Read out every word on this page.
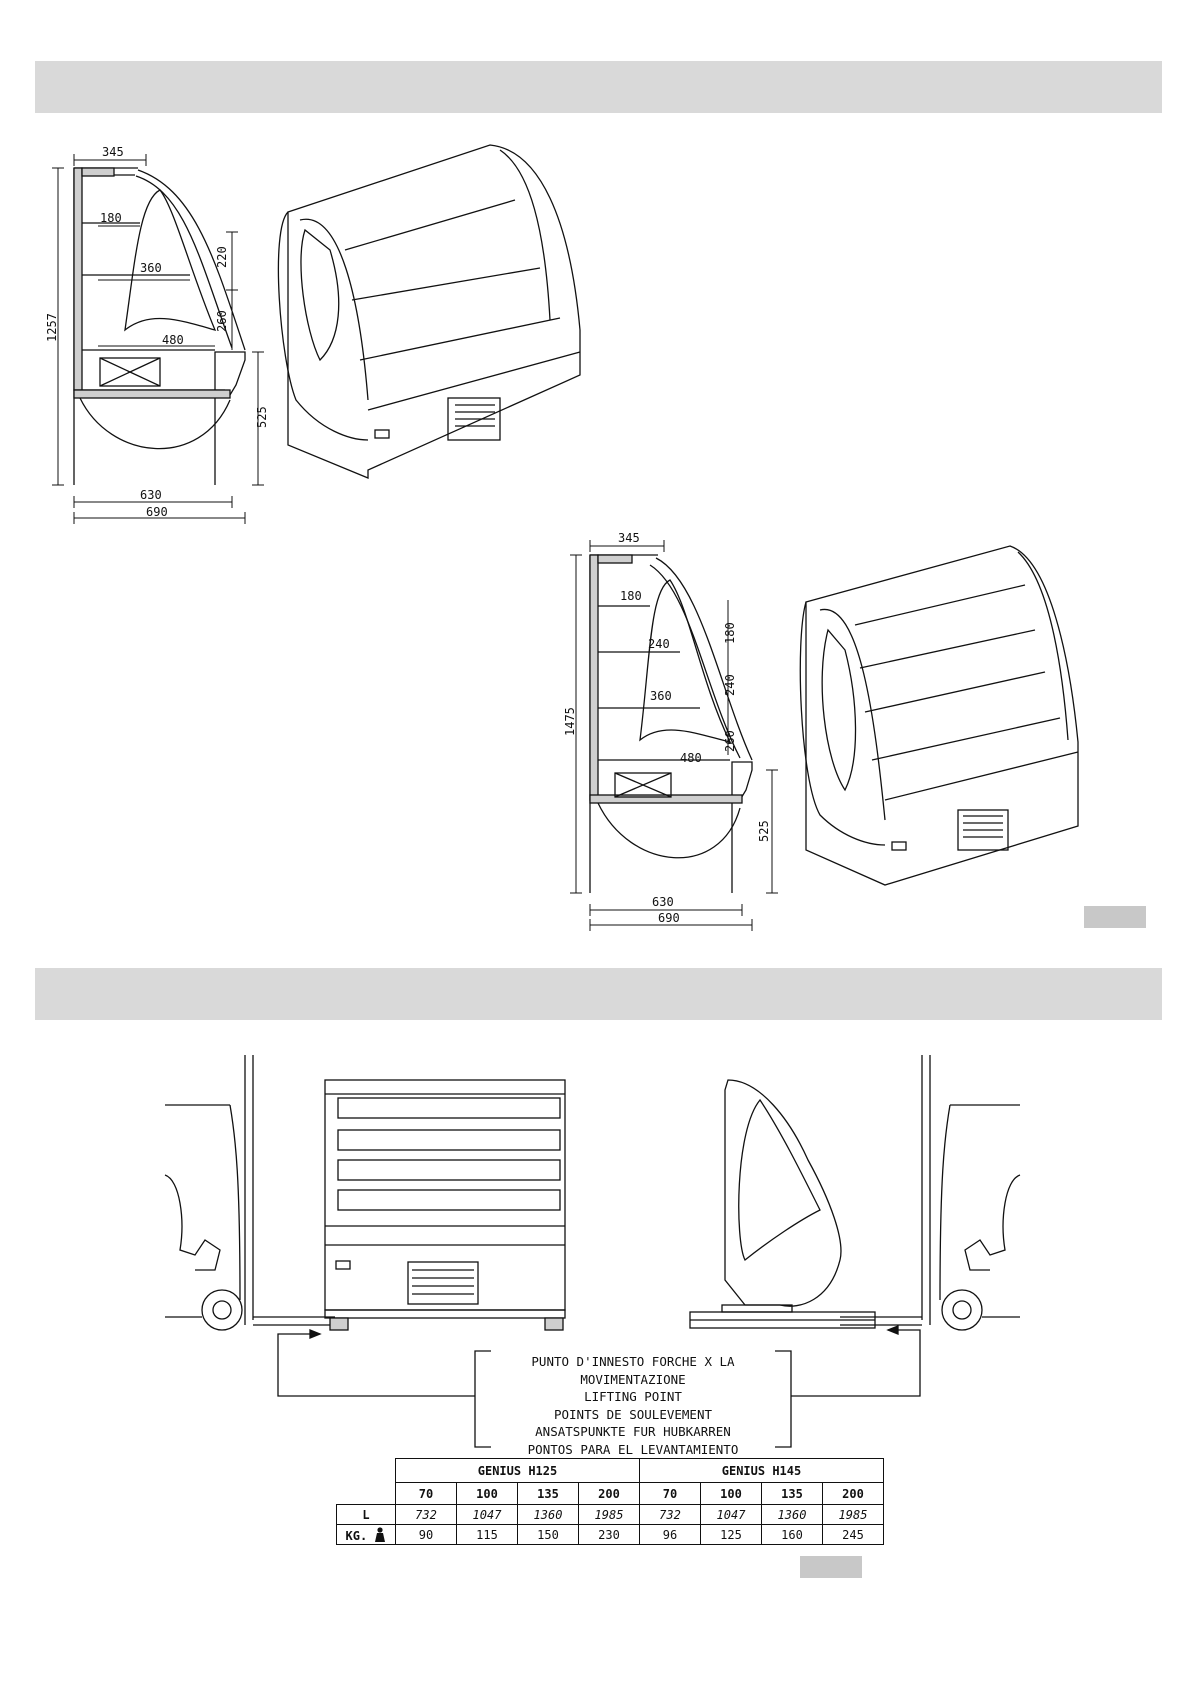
345
180
360
480
220
260
1257
525
630
690
345
180
240
360
480
180
240
260
1475
525
630
690
PUNTO D'INNESTO FORCHE X LA MOVIMENTAZIONE
LIFTING POINT
POINTS DE SOULEVEMENT
ANSATSPUNKTE FUR HUBKARREN
PONTOS PARA EL LEVANTAMIENTO
	GENIUS H125				GENIUS H145			
	70	100	135	200	70	100	135	200
L	732	1047	1360	1985	732	1047	1360	1985
KG.	90	115	150	230	96	125	160	245
